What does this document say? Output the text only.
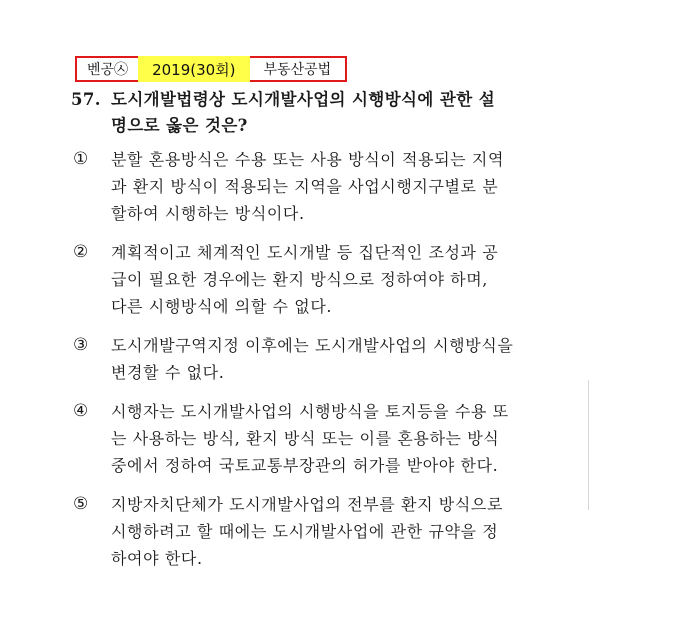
벤공㉦	2019(30회)	부동산공법
57. 도시개발법령상 도시개발사업의 시행방식에 관한 설
명으로 옳은 것은?
① 분할 혼용방식은 수용 또는 사용 방식이 적용되는 지역
과 환지 방식이 적용되는 지역을 사업시행지구별로 분
할하여 시행하는 방식이다.
② 계획적이고 체계적인 도시개발 등 집단적인 조성과 공
급이 필요한 경우에는 환지 방식으로 정하여야 하며,
다른 시행방식에 의할 수 없다.
③ 도시개발구역지정 이후에는 도시개발사업의 시행방식을
변경할 수 없다.
④ 시행자는 도시개발사업의 시행방식을 토지등을 수용 또
는 사용하는 방식, 환지 방식 또는 이를 혼용하는 방식
중에서 정하여 국토교통부장관의 허가를 받아야 한다.
⑤ 지방자치단체가 도시개발사업의 전부를 환지 방식으로
시행하려고 할 때에는 도시개발사업에 관한 규약을 정
하여야 한다.
